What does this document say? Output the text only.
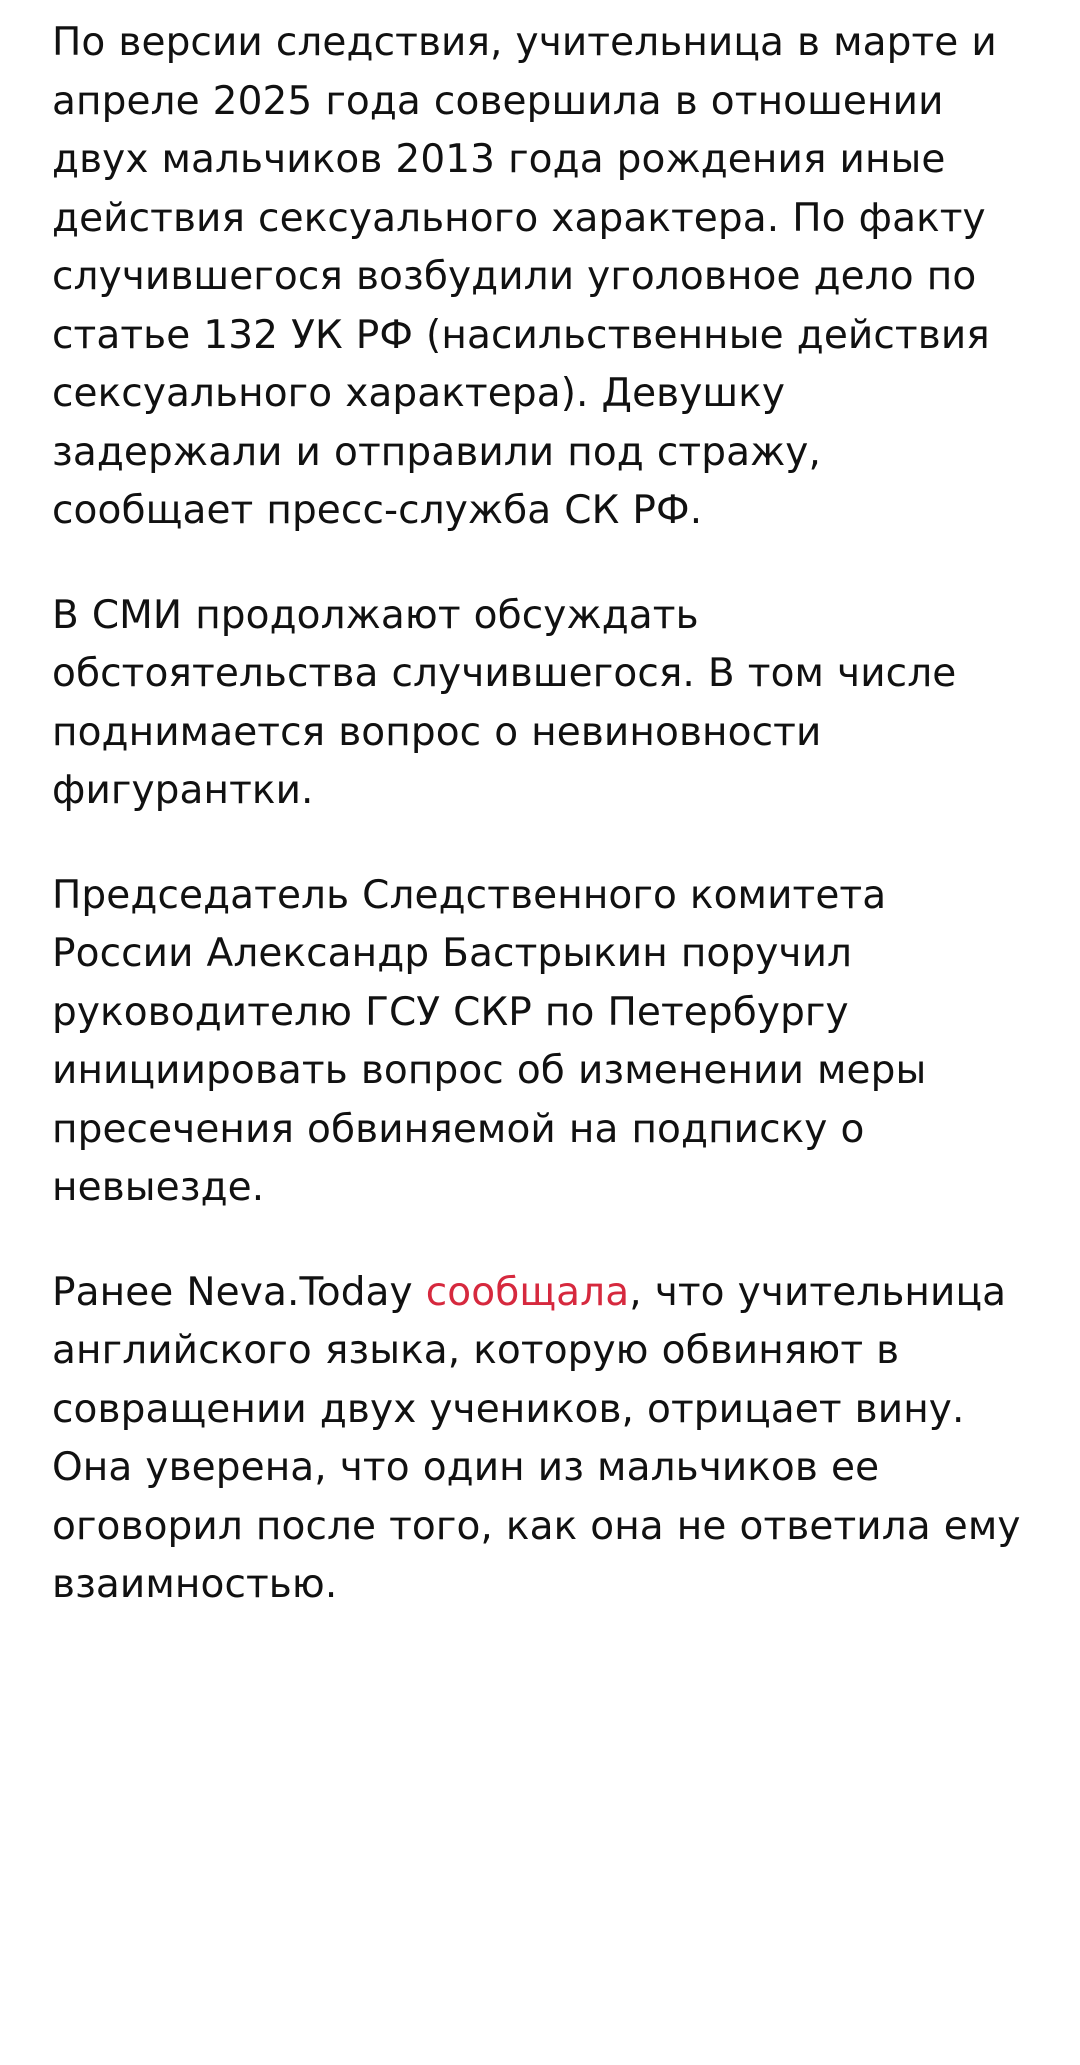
По версии следствия, учительница в марте и апреле 2025 года совершила в отношении двух мальчиков 2013 года рождения иные действия сексуального характера. По факту случившегося возбудили уголовное дело по статье 132 УК РФ (насильственные действия сексуального характера). Девушку задержали и отправили под стражу, сообщает пресс-служба СК РФ.

В СМИ продолжают обсуждать обстоятельства случившегося. В том числе поднимается вопрос о невиновности фигурантки.

Председатель Следственного комитета России Александр Бастрыкин поручил руководителю ГСУ СКР по Петербургу инициировать вопрос об изменении меры пресечения обвиняемой на подписку о невыезде.

Ранее Neva.Today сообщала, что учительница английского языка, которую обвиняют в совращении двух учеников, отрицает вину. Она уверена, что один из мальчиков ее оговорил после того, как она не ответила ему взаимностью.
